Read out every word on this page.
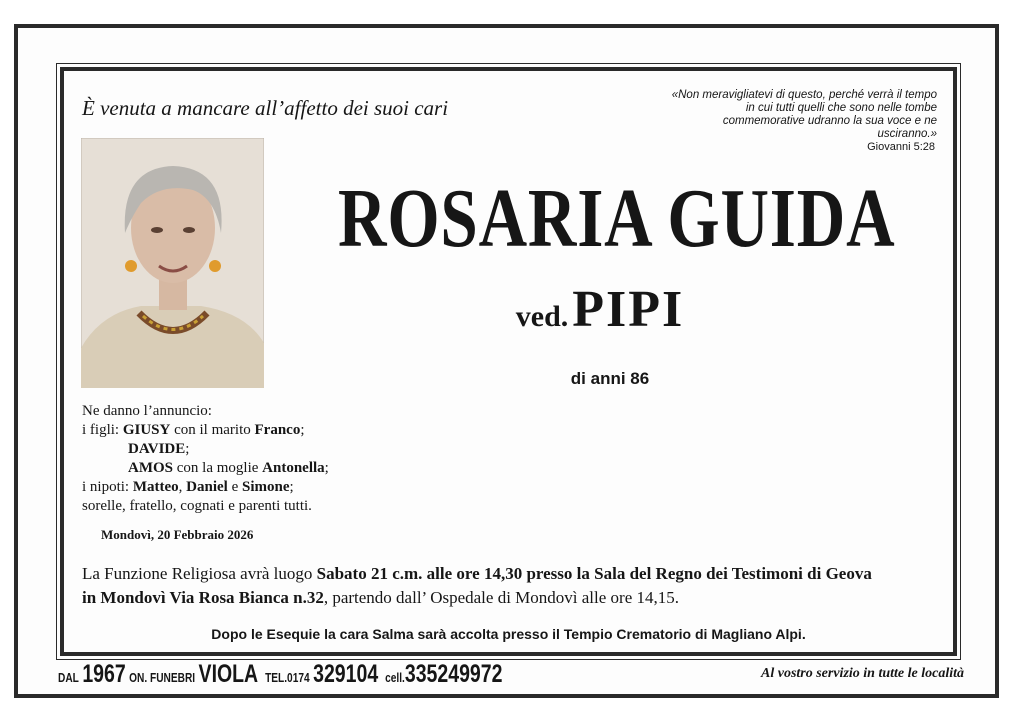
È venuta a mancare all’affetto dei suoi cari
«Non meravigliatevi di questo, perché verrà il tempo in cui tutti quelli che sono nelle tombe commemorative udranno la sua voce e ne usciranno.»
Giovanni 5:28
ROSARIA GUIDA
ved. PIPI
di anni 86
Ne danno l’annuncio:
i figli: GIUSY con il marito Franco;
DAVIDE;
AMOS con la moglie Antonella;
i nipoti: Matteo, Daniel e Simone;
sorelle, fratello, cognati e parenti tutti.
Mondovì, 20 Febbraio 2026
La Funzione Religiosa avrà luogo Sabato 21 c.m. alle ore 14,30 presso la Sala del Regno dei Testimoni di Geova
in Mondovì Via Rosa Bianca n.32, partendo dall’ Ospedale di Mondovì alle ore 14,15.
Dopo le Esequie la cara Salma sarà accolta presso il Tempio Crematorio di Magliano Alpi.
DAL 1967 ON. FUNEBRI VIOLA TEL.0174 329104 cell.335249972	Al vostro servizio in tutte le località
